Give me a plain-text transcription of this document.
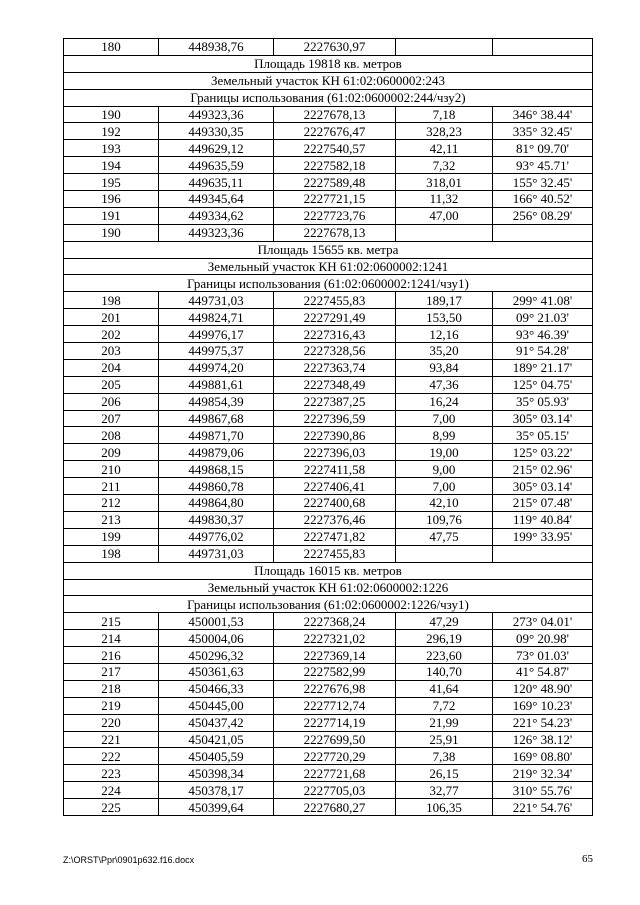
180	448938,76	2227630,97		
Площадь 19818 кв. метров				
Земельный участок КН 61:02:0600002:243				
Границы использования (61:02:0600002:244/чзу2)				
190	449323,36	2227678,13	7,18	346° 38.44'
192	449330,35	2227676,47	328,23	335° 32.45'
193	449629,12	2227540,57	42,11	81° 09.70'
194	449635,59	2227582,18	7,32	93° 45.71'
195	449635,11	2227589,48	318,01	155° 32.45'
196	449345,64	2227721,15	11,32	166° 40.52'
191	449334,62	2227723,76	47,00	256° 08.29'
190	449323,36	2227678,13		
Площадь 15655 кв. метра				
Земельный участок КН 61:02:0600002:1241				
Границы использования (61:02:0600002:1241/чзу1)				
198	449731,03	2227455,83	189,17	299° 41.08'
201	449824,71	2227291,49	153,50	09° 21.03'
202	449976,17	2227316,43	12,16	93° 46.39'
203	449975,37	2227328,56	35,20	91° 54.28'
204	449974,20	2227363,74	93,84	189° 21.17'
205	449881,61	2227348,49	47,36	125° 04.75'
206	449854,39	2227387,25	16,24	35° 05.93'
207	449867,68	2227396,59	7,00	305° 03.14'
208	449871,70	2227390,86	8,99	35° 05.15'
209	449879,06	2227396,03	19,00	125° 03.22'
210	449868,15	2227411,58	9,00	215° 02.96'
211	449860,78	2227406,41	7,00	305° 03.14'
212	449864,80	2227400,68	42,10	215° 07.48'
213	449830,37	2227376,46	109,76	119° 40.84'
199	449776,02	2227471,82	47,75	199° 33.95'
198	449731,03	2227455,83		
Площадь 16015 кв. метров				
Земельный участок КН 61:02:0600002:1226				
Границы использования (61:02:0600002:1226/чзу1)				
215	450001,53	2227368,24	47,29	273° 04.01'
214	450004,06	2227321,02	296,19	09° 20.98'
216	450296,32	2227369,14	223,60	73° 01.03'
217	450361,63	2227582,99	140,70	41° 54.87'
218	450466,33	2227676,98	41,64	120° 48.90'
219	450445,00	2227712,74	7,72	169° 10.23'
220	450437,42	2227714,19	21,99	221° 54.23'
221	450421,05	2227699,50	25,91	126° 38.12'
222	450405,59	2227720,29	7,38	169° 08.80'
223	450398,34	2227721,68	26,15	219° 32.34'
224	450378,17	2227705,03	32,77	310° 55.76'
225	450399,64	2227680,27	106,35	221° 54.76'
Z:\ORST\Ppr\0901p632.f16.docx	65
